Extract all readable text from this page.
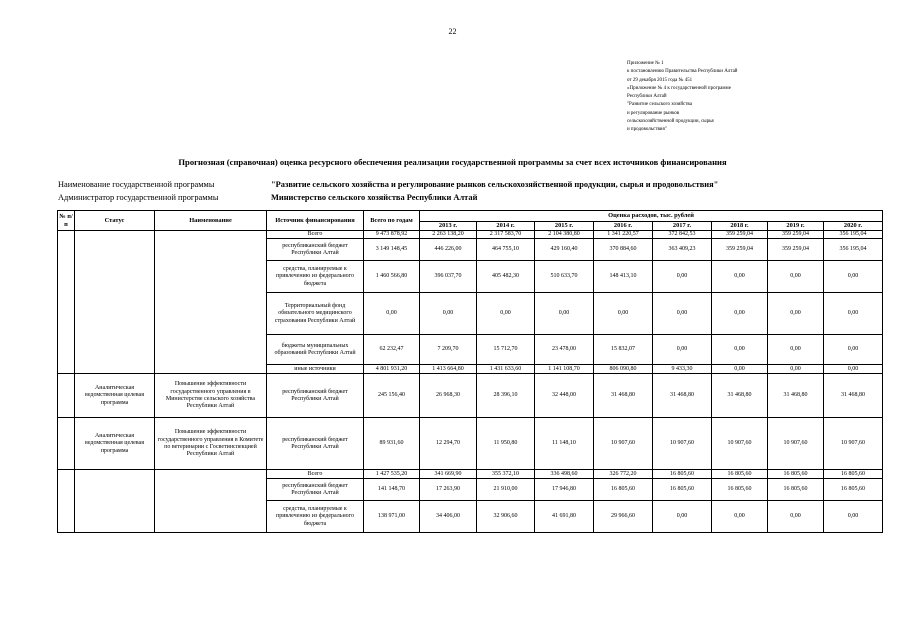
22
Приложение № 1
к постановлению Правительства Республики Алтай
от 29 декабря 2015 года № 451
«Приложение № 4 к государственной программе
Республики Алтай
"Развитие сельского хозяйства
и регулирование рынков
сельскохозяйственной продукции, сырья
и продовольствия"
Прогнозная (справочная) оценка ресурсного обеспечения реализации государственной программы за счет всех источников финансирования
Наименование государственной программы	"Развитие сельского хозяйства и регулирование рынков сельскохозяйственной продукции, сырья и продовольствия"
Администратор государственной программы	Министерство сельского хозяйства Республики Алтай
№ п/п	Статус	Наименование	Источник финансирования	Всего по годам	Оценка расходов, тыс. рублей							
					2013 г.	2014 г.	2015 г.	2016 г.	2017 г.	2018 г.	2019 г.	2020 г.
			Всего	9 473 878,92	2 263 138,20	2 317 583,70	2 104 380,80	1 341 220,57	372 842,53	359 259,04	359 259,04	356 195,04
			республиканский бюджет Республики Алтай	3 149 148,45	446 226,00	464 755,10	429 160,40	370 884,60	363 409,23	359 259,04	359 259,04	356 195,04
			средства, планируемые к привлечению из федерального бюджета	1 460 566,80	396 037,70	405 482,30	510 633,70	148 413,10	0,00	0,00	0,00	0,00
			Территориальный фонд обязательного медицинского страхования Республики Алтай	0,00	0,00	0,00	0,00	0,00	0,00	0,00	0,00	0,00
			бюджеты муниципальных образований Республики Алтай	62 232,47	7 209,70	15 712,70	23 478,00	15 832,07	0,00	0,00	0,00	0,00
			иные источники	4 801 931,20	1 413 664,80	1 431 633,60	1 141 108,70	806 090,80	9 433,30	0,00	0,00	0,00
	Аналитическая ведомственная целевая программа	Повышение эффективности государственного управления в Министерстве сельского хозяйства Республики Алтай	республиканский бюджет Республики Алтай	245 156,40	26 968,30	28 396,10	32 448,00	31 468,80	31 468,80	31 468,80	31 468,80	31 468,80
	Аналитическая ведомственная целевая программа	Повышение эффективности государственного управления в Комитете по ветеринарии с Госветинспекцией Республики Алтай	республиканский бюджет Республики Алтай	89 931,60	12 294,70	11 950,80	11 148,10	10 907,60	10 907,60	10 907,60	10 907,60	10 907,60
			Всего	1 427 535,20	341 669,90	355 372,10	336 498,60	326 772,20	16 805,60	16 805,60	16 805,60	16 805,60
			республиканский бюджет Республики Алтай	141 148,70	17 263,90	21 910,00	17 946,80	16 805,60	16 805,60	16 805,60	16 805,60	16 805,60
			средства, планируемые к привлечению из федерального бюджета	138 971,00	34 406,00	32 906,60	41 691,80	29 966,60	0,00	0,00	0,00	0,00
